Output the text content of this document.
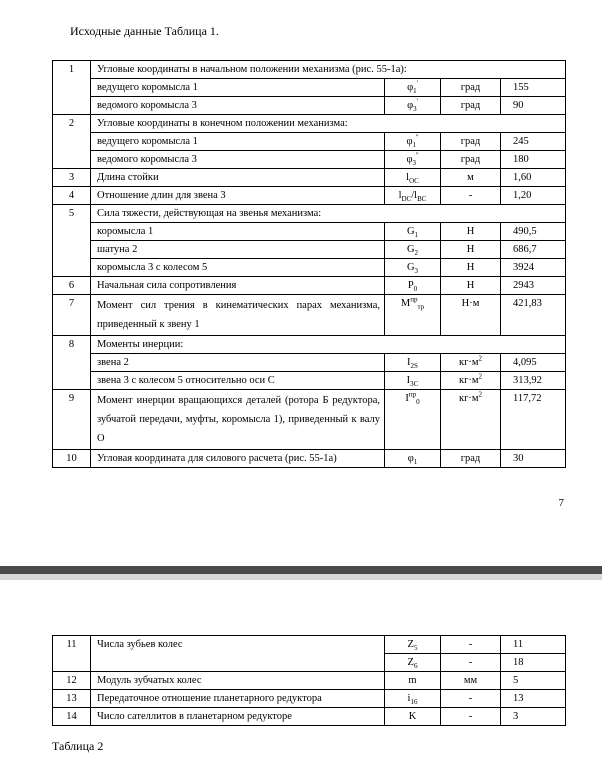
Исходные данные Таблица 1.
1	Угловые координаты в начальном положении механизма (рис. 55-1а):			
	ведущего коромысла 1	$\varphi_1'$	град	155
	ведомого коромысла 3	$\varphi_3'$	град	90
2	Угловые координаты в конечном положении механизма:			
	ведущего коромысла 1	$\varphi_1''$	град	245
	ведомого коромысла 3	$\varphi_3''$	град	180
3	Длина стойки	$l_{OC}$	м	1,60
4	Отношение длин для звена 3	$l_{DC}/l_{BC}$	-	1,20
5	Сила тяжести, действующая на звенья механизма:			
	коромысла 1	$G_1$	Н	490,5
	шатуна 2	$G_2$	Н	686,7
	коромысла 3 с колесом 5	$G_3$	Н	3924
6	Начальная сила сопротивления	$P_0$	Н	2943
7	Момент сил трения в кинематических парах механизма, приведенный к звену 1	$M^{пр}_{тр}$	Н·м	421,83
8	Моменты инерции:			
	звена 2	$I_{2S}$	$кг\cdot м^2$	4,095
	звена 3 с колесом 5 относительно оси С	$I_{3C}$	$кг\cdot м^2$	313,92
9	Момент инерции вращающихся деталей (ротора Б редуктора, зубчатой передачи, муфты, коромысла 1), приведенный к валу О	$I^{пр}_0$	$кг\cdot м^2$	117,72
10	Угловая координата для силового расчета (рис. 55-1а)	$\varphi_1$	град	30
7
11	Числа зубьев колес	$Z_5$	-	11
		$Z_6$	-	18
12	Модуль зубчатых колес	m	мм	5
13	Передаточное отношение планетарного редуктора	$i_{16}$	-	13
14	Число сателлитов в планетарном редукторе	K	-	3
Таблица 2
